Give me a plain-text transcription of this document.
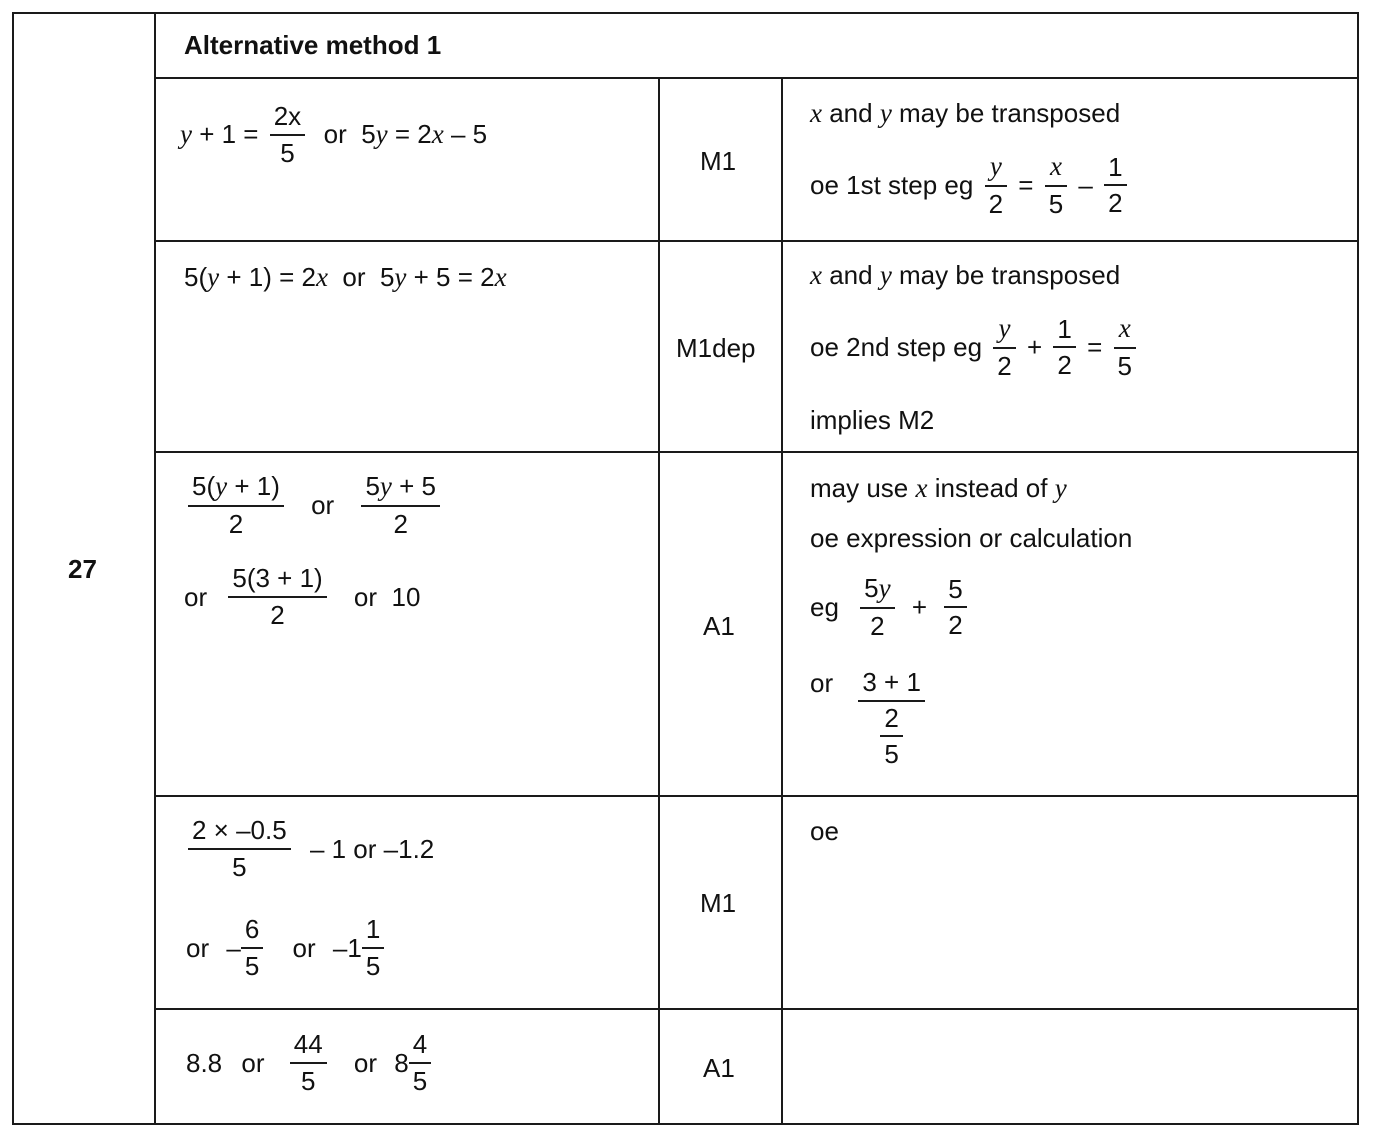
27
Alternative method 1
$y + 1 = \frac{2x}{5}$ or  5y = 2x – 5
M1
x and y may be transposed
oe 1st step eg $\frac{y}{2} = \frac{x}{5} - \frac{1}{2}$
5(y + 1) = 2x  or  5y + 5 = 2x
M1dep
x and y may be transposed
oe 2nd step eg $\frac{y}{2} + \frac{1}{2} = \frac{x}{5}$
implies M2
$\frac{5(y + 1)}{2}$ or $\frac{5y + 5}{2}$
or $\frac{5(3 + 1)}{2}$ or 10
A1
may use x instead of y
oe expression or calculation
eg $\frac{5y}{2} + \frac{5}{2}$
or $\frac{3 + 1}{\frac{2}{5}}$
$\frac{2 \times -0.5}{5} - 1$ or –1.2
or – $\frac{6}{5}$ or $-1 \frac{1}{5}$
M1
oe
8.8 or $\frac{44}{5}$ or $8 \frac{4}{5}$	A1
